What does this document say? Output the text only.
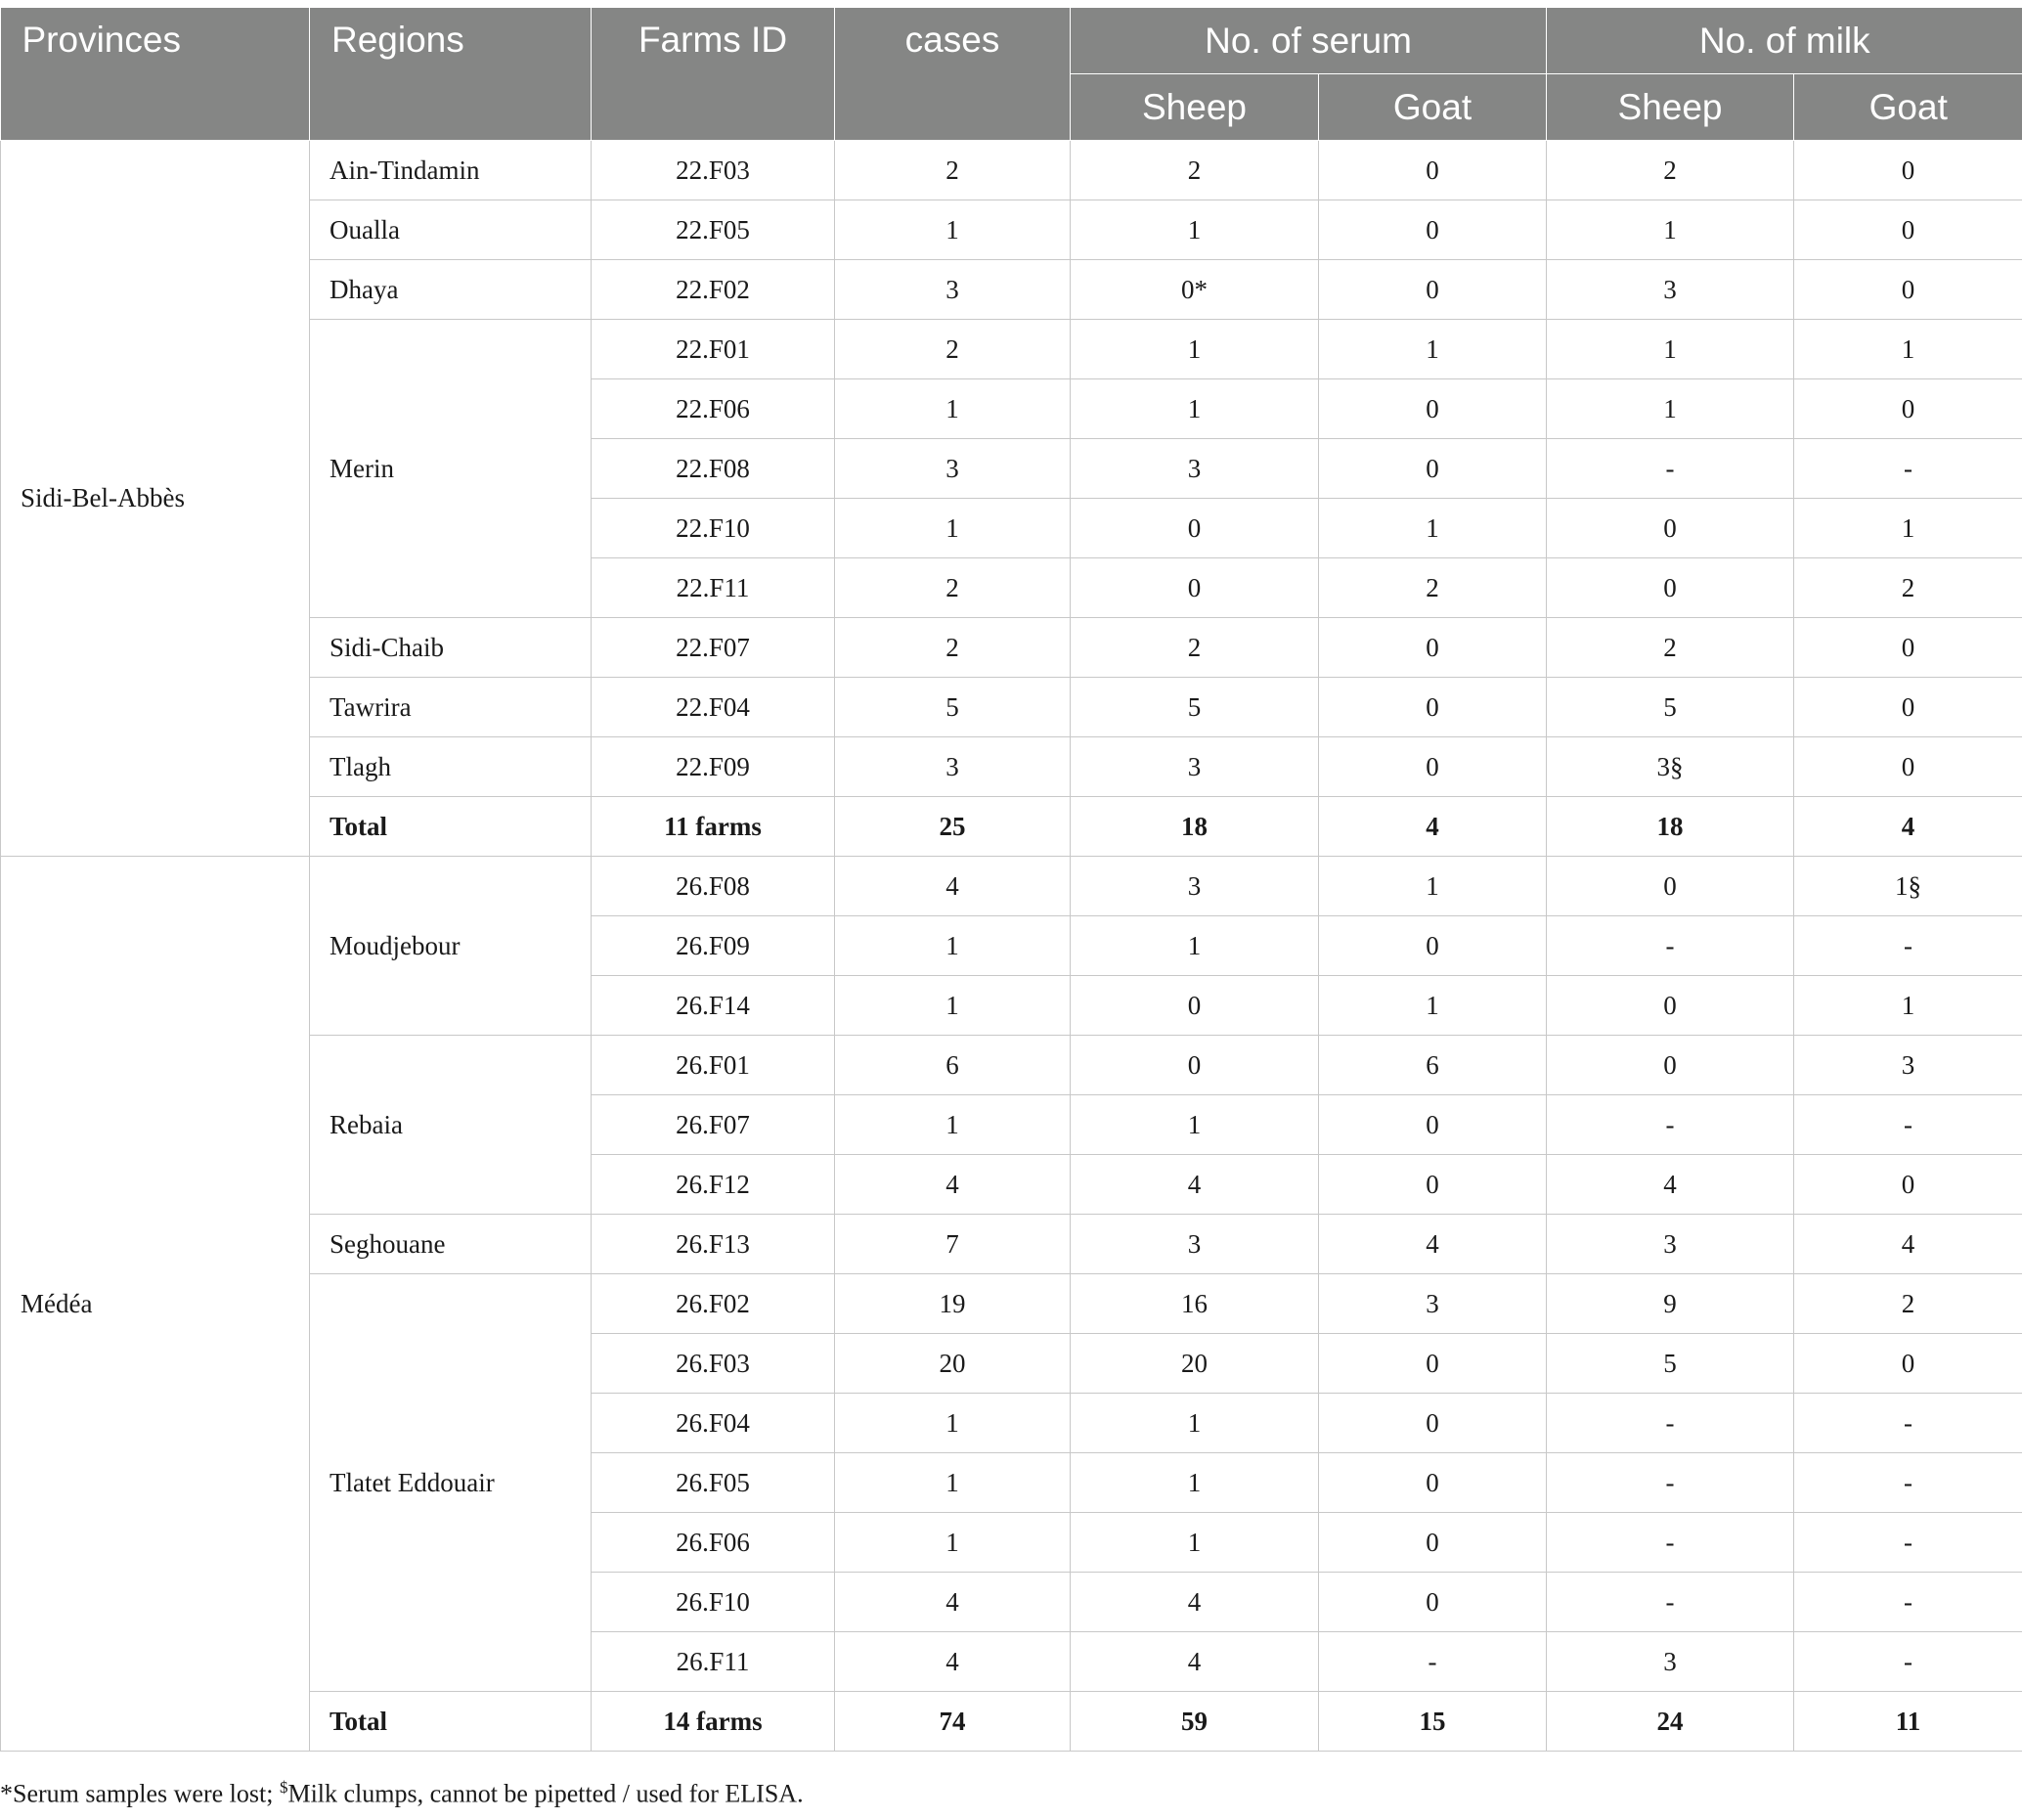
Provinces	Regions	Farms ID	cases	No. of serum		No. of milk	
				Sheep	Goat	Sheep	Goat
Sidi-Bel-Abbès	Ain-Tindamin	22.F03	2	2	0	2	0
	Oualla	22.F05	1	1	0	1	0
	Dhaya	22.F02	3	0*	0	3	0
	Merin	22.F01	2	1	1	1	1
		22.F06	1	1	0	1	0
		22.F08	3	3	0	-	-
		22.F10	1	0	1	0	1
		22.F11	2	0	2	0	2
	Sidi-Chaib	22.F07	2	2	0	2	0
	Tawrira	22.F04	5	5	0	5	0
	Tlagh	22.F09	3	3	0	3§	0
	Total	11 farms	25	18	4	18	4
Médéa	Moudjebour	26.F08	4	3	1	0	1§
		26.F09	1	1	0	-	-
		26.F14	1	0	1	0	1
	Rebaia	26.F01	6	0	6	0	3
		26.F07	1	1	0	-	-
		26.F12	4	4	0	4	0
	Seghouane	26.F13	7	3	4	3	4
	Tlatet Eddouair	26.F02	19	16	3	9	2
		26.F03	20	20	0	5	0
		26.F04	1	1	0	-	-
		26.F05	1	1	0	-	-
		26.F06	1	1	0	-	-
		26.F10	4	4	0	-	-
		26.F11	4	4	-	3	-
	Total	14 farms	74	59	15	24	11
*Serum samples were lost; $Milk clumps, cannot be pipetted / used for ELISA.
